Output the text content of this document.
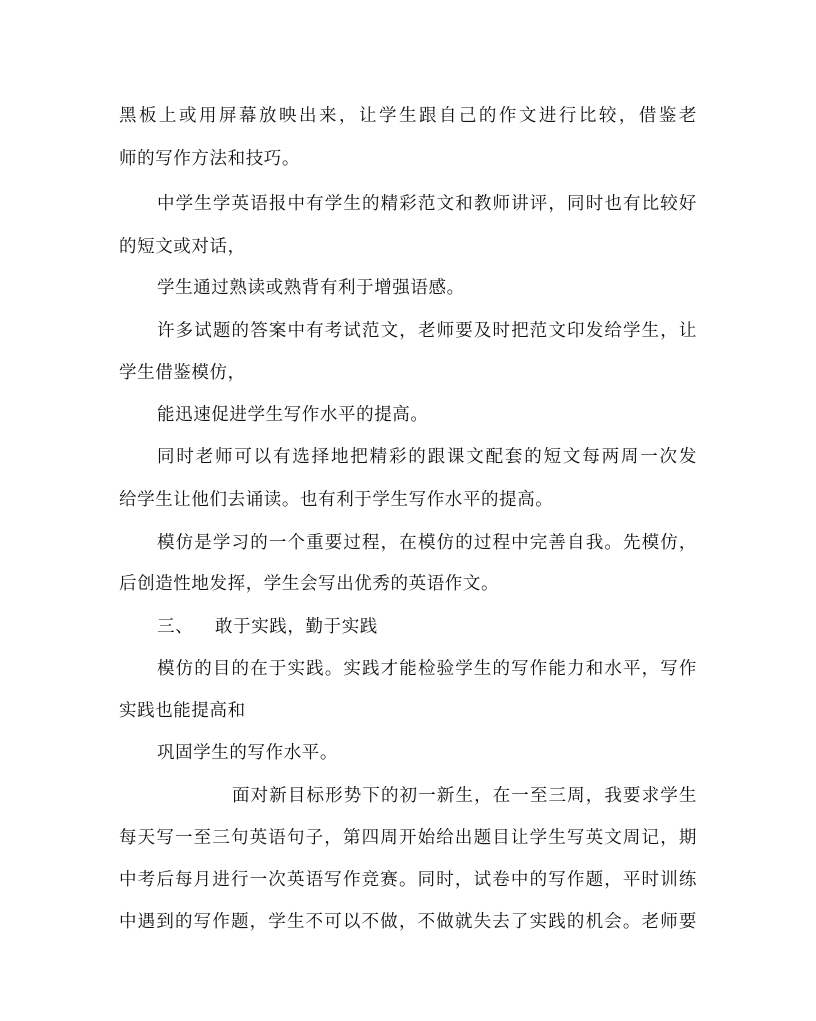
黑板上或用屏幕放映出来，让学生跟自己的作文进行比较，借鉴老
师的写作方法和技巧。
中学生学英语报中有学生的精彩范文和教师讲评，同时也有比较好
的短文或对话，
学生通过熟读或熟背有利于增强语感。
许多试题的答案中有考试范文，老师要及时把范文印发给学生，让
学生借鉴模仿，
能迅速促进学生写作水平的提高。
同时老师可以有选择地把精彩的跟课文配套的短文每两周一次发
给学生让他们去诵读。也有利于学生写作水平的提高。
模仿是学习的一个重要过程，在模仿的过程中完善自我。先模仿，
后创造性地发挥，学生会写出优秀的英语作文。
三、 敢于实践，勤于实践
模仿的目的在于实践。实践才能检验学生的写作能力和水平，写作
实践也能提高和
巩固学生的写作水平。
面对新目标形势下的初一新生，在一至三周，我要求学生
每天写一至三句英语句子，第四周开始给出题目让学生写英文周记，期
中考后每月进行一次英语写作竞赛。同时，试卷中的写作题，平时训练
中遇到的写作题，学生不可以不做，不做就失去了实践的机会。老师要
